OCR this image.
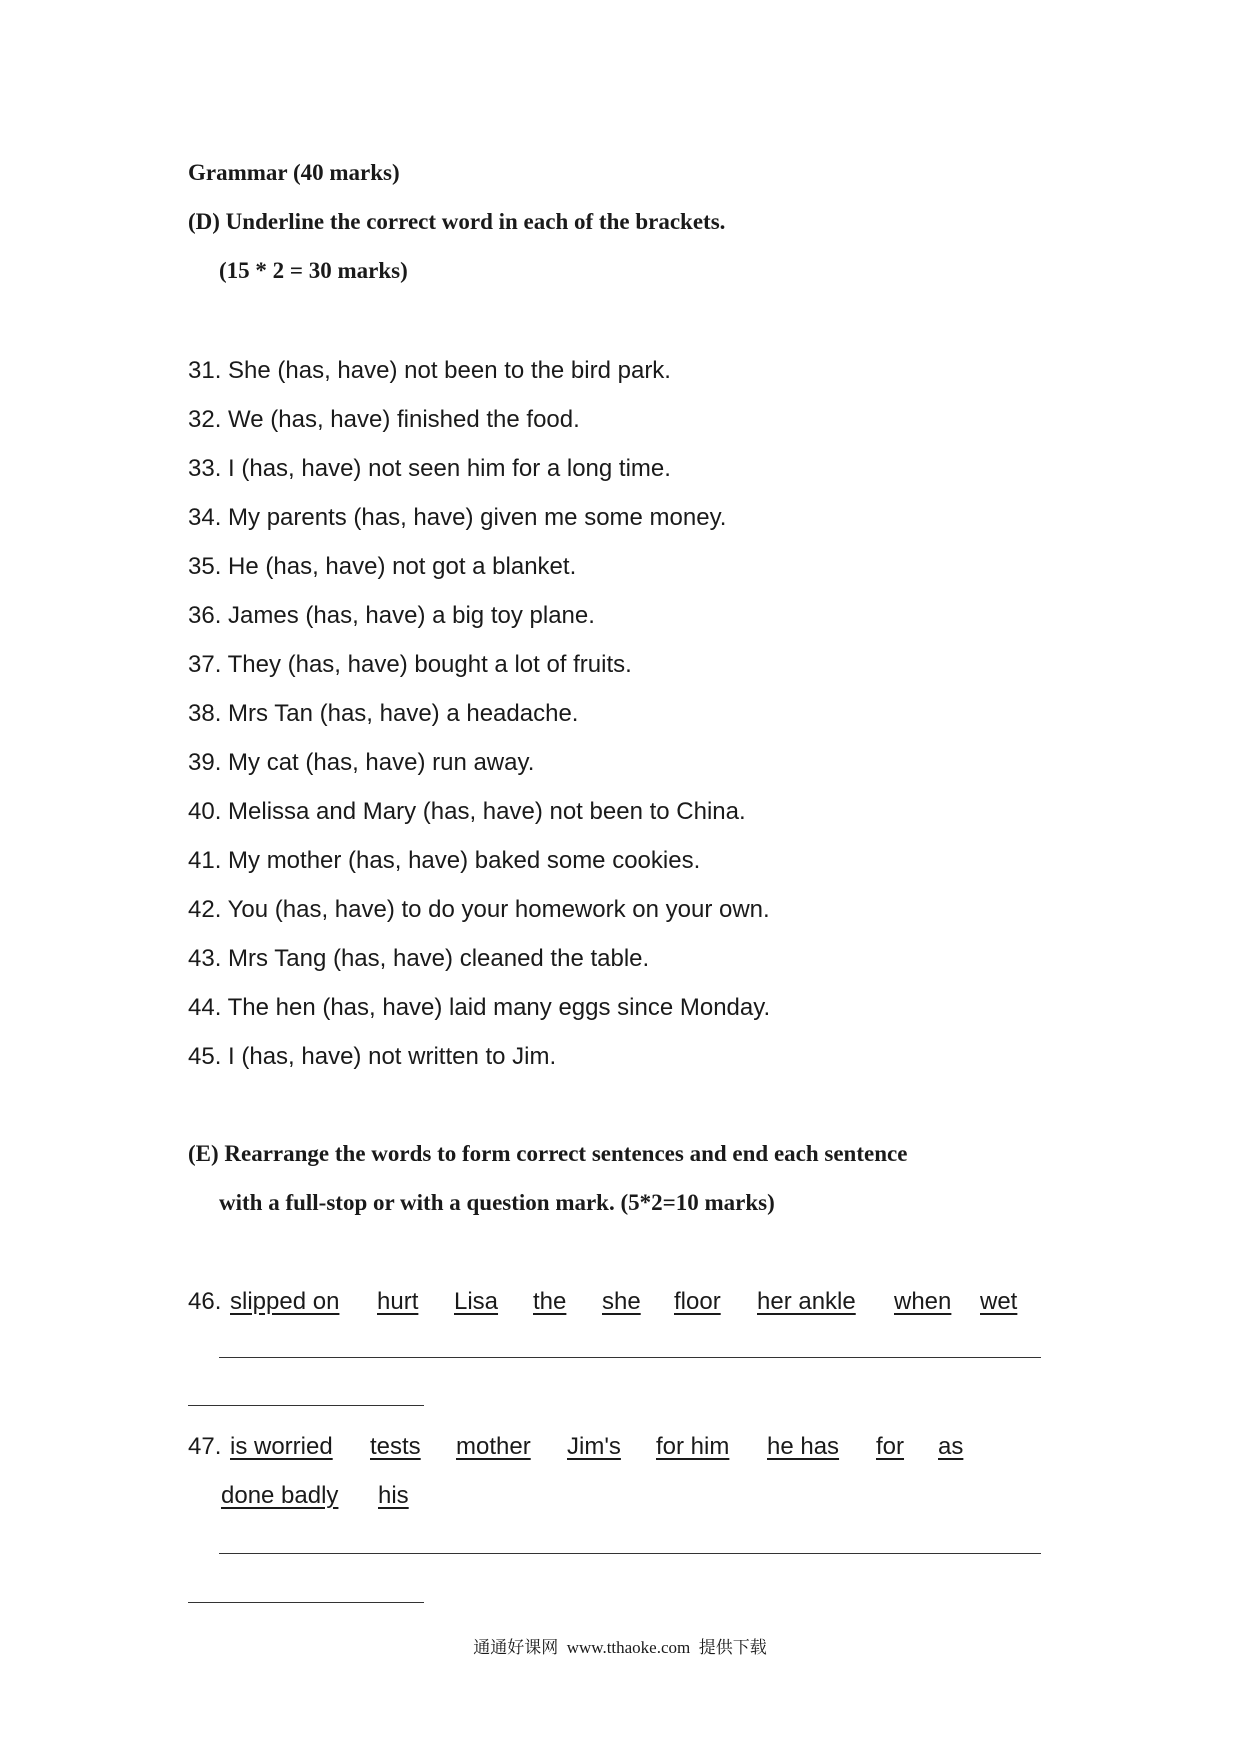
Grammar (40 marks)
(D) Underline the correct word in each of the brackets.
(15 * 2 = 30 marks)
31. She (has, have) not been to the bird park.
32. We (has, have) finished the food.
33. I (has, have) not seen him for a long time.
34. My parents (has, have) given me some money.
35. He (has, have) not got a blanket.
36. James (has, have) a big toy plane.
37. They (has, have) bought a lot of fruits.
38. Mrs Tan (has, have) a headache.
39. My cat (has, have) run away.
40. Melissa and Mary (has, have) not been to China.
41. My mother (has, have) baked some cookies.
42. You (has, have) to do your homework on your own.
43. Mrs Tang (has, have) cleaned the table.
44. The hen (has, have) laid many eggs since Monday.
45. I (has, have) not written to Jim.
(E) Rearrange the words to form correct sentences and end each sentence
with a full-stop or with a question mark. (5*2=10 marks)
46. slipped on hurt Lisa the she floor her ankle when wet
47. is worried tests mother Jim's for him he has for as
done badly his
通通好课网  www.tthaoke.com  提供下载
